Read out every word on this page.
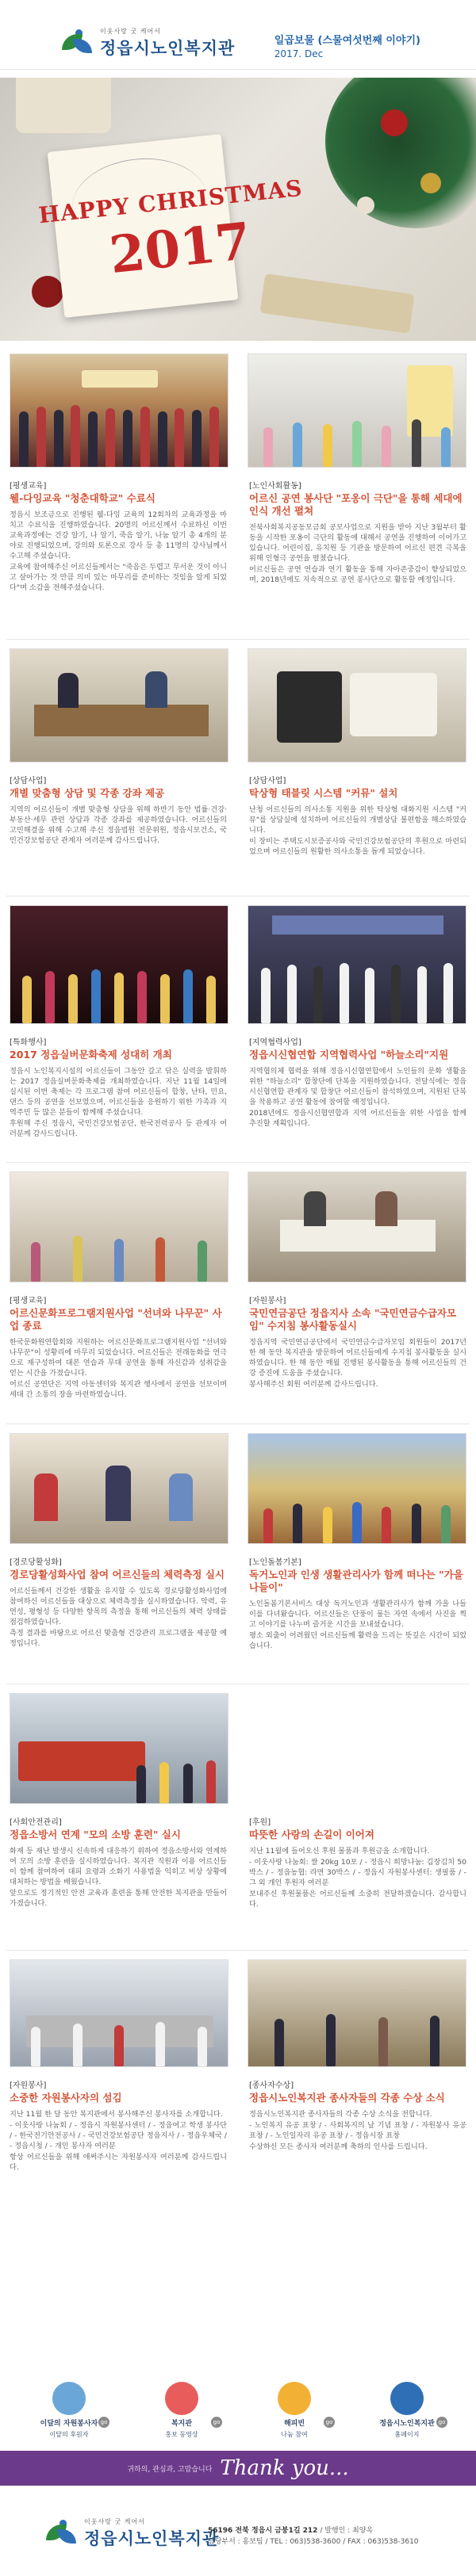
이웃사랑 굿 케어서
정읍시노인복지관	일곱보물 (스물여섯번째 이야기)
2017. Dec
HAPPY CHRISTMAS
2017
[평생교육]
웰-다잉교육 "청춘대학교" 수료식

정읍시 보조금으로 진행된 웰-다잉 교육의 12회차의 교육과정을 마치고 수료식을 진행하였습니다. 20명의 어르신께서 수료하신 이번 교육과정에는 건강 알기, 나 알기, 죽음 알기, 나눔 알기 총 4개의 분야로 진행되었으며, 강의와 토론으로 강사 등 총 11명의 강사님께서 수고해 주셨습니다.

교육에 참여해주신 어르신들께서는 "죽음은 두렵고 무서운 것이 아니고 살아가는 것 만큼 의미 있는 마무리를 준비하는 것임을 알게 되었다"며 소감을 전해주셨습니다.

[노인사회활동]
어르신 공연 봉사단 "포옹이 극단"을 통해 세대에 인식 개선 펼쳐

전북사회복지공동모금회 공모사업으로 지원을 받아 지난 3월부터 활동을 시작한 포옹이 극단의 활동에 대해서 공연을 진행하여 이어가고 있습니다. 어린이집, 유치원 등 기관을 방문하여 어르신 편견 극복을 위해 인형극 공연을 펼쳤습니다.

어르신들은 공연 연습과 연기 활동을 통해 자아존중감이 향상되었으며, 2018년에도 지속적으로 공연 봉사단으로 활동할 예정입니다.

[상담사업]
개별 맞춤형 상담 및 각종 강좌 제공

지역의 어르신들이 개별 맞춤형 상담을 위해 하반기 동안 법률·건강·부동산·세무 관련 상담과 각종 강좌를 제공하였습니다. 어르신들의 고민해결을 위해 수고해 주신 정읍법원 전문위원, 정읍시보건소, 국민건강보험공단 관계자 여러분께 감사드립니다.

[상담사업]
탁상형 태블릿 시스템 "커뮤" 설치

난청 어르신들의 의사소통 지원을 위한 탁상형 대화지원 시스템 "커뮤"를 상담실에 설치하여 어르신들의 개별상담 불편함을 해소하였습니다.

이 장비는 주택도시보증공사와 국민건강보험공단의 후원으로 마련되었으며 어르신들의 원활한 의사소통을 돕게 되었습니다.

[특화행사]
2017 정읍실버문화축제 성대히 개최

정읍시 노인복지시설의 어르신들이 그동안 갈고 닦은 실력을 발휘하는 2017 정읍실버문화축제를 개최하였습니다. 지난 11월 14일에 실시된 이번 축제는 각 프로그램 참여 어르신들이 합창, 난타, 민요, 댄스 등의 공연을 선보였으며, 어르신들을 응원하기 위한 가족과 지역주민 등 많은 분들이 함께해 주셨습니다.

후원해 주신 정읍시, 국민건강보험공단, 한국전력공사 등 관계자 여러분께 감사드립니다.

[지역협력사업]
정읍시신협연합 지역협력사업 "하늘소리"지원

지역협의체 협력을 위해 정읍시신협연합에서 노인들의 문화 생활을 위한 "하늘소리" 합창단에 단복을 지원하였습니다. 전달식에는 정읍시신협연합 관계자 및 합창단 어르신들이 참석하였으며, 지원된 단복을 착용하고 공연 활동에 참여할 예정입니다.

2018년에도 정읍시신협연합과 지역 어르신들을 위한 사업을 함께 추진할 계획입니다.

[평생교육]
어르신문화프로그램지원사업 "선녀와 나무꾼" 사업 종료

한국문화원연합회와 지원하는 어르신문화프로그램지원사업 "선녀와 나무꾼"이 성황리에 마무리 되었습니다. 어르신들은 전래동화를 연극으로 재구성하여 대본 연습과 무대 공연을 통해 자신감과 성취감을 얻는 시간을 가졌습니다.

어르신 공연단은 지역 아동센터와 복지관 행사에서 공연을 선보이며 세대 간 소통의 장을 마련하였습니다.

[자원봉사]
국민연금공단 정읍지사 소속 "국민연금수급자모임" 수지침 봉사활동실시

정읍지역 국민연금공단에서 국민연금수급자모임 회원들이 2017년 한 해 동안 복지관을 방문하여 어르신들에게 수지침 봉사활동을 실시하였습니다. 한 해 동안 매월 진행된 봉사활동을 통해 어르신들의 건강 증진에 도움을 주셨습니다.

봉사해주신 회원 여러분께 감사드립니다.

[경로당활성화]
경로당활성화사업 참여 어르신들의 체력측정 실시

어르신들께서 건강한 생활을 유지할 수 있도록 경로당활성화사업에 참여하신 어르신들을 대상으로 체력측정을 실시하였습니다. 악력, 유연성, 평형성 등 다양한 항목의 측정을 통해 어르신들의 체력 상태를 점검하였습니다.

측정 결과를 바탕으로 어르신 맞춤형 건강관리 프로그램을 제공할 예정입니다.

[노인돌봄기본]
독거노인과 인생 생활관리사가 함께 떠나는 "가을 나들이"

노인돌봄기본서비스 대상 독거노인과 생활관리사가 함께 가을 나들이를 다녀왔습니다. 어르신들은 단풍이 물든 자연 속에서 사진을 찍고 이야기를 나누며 즐거운 시간을 보내셨습니다.

평소 외출이 어려웠던 어르신들께 활력을 드리는 뜻깊은 시간이 되었습니다.

[사회안전관리]
정읍소방서 연계 "모의 소방 훈련" 실시

화재 등 재난 발생시 신속하게 대응하기 위하여 정읍소방서와 연계하여 모의 소방 훈련을 실시하였습니다. 복지관 직원과 이용 어르신들이 함께 참여하여 대피 요령과 소화기 사용법을 익히고 비상 상황에 대처하는 방법을 배웠습니다.

앞으로도 정기적인 안전 교육과 훈련을 통해 안전한 복지관을 만들어 가겠습니다.

[후원]
따뜻한 사랑의 손길이 이어져

지난 11월에 들어오신 후원 물품과 후원금을 소개합니다.

- 이웃사랑 나눔회: 쌀 20kg 10포 / - 정읍시 희망나눔: 김장김치 50박스 / - 정읍농협: 라면 30박스 / - 정읍시 자원봉사센터: 생필품 / - 그 외 개인 후원자 여러분

보내주신 후원물품은 어르신들께 소중히 전달하겠습니다. 감사합니다.

[자원봉사]
소중한 자원봉사자의 섬김

지난 11월 한 달 동안 복지관에서 봉사해주신 봉사자를 소개합니다.

- 이웃사랑 나눔회 / - 정읍시 자원봉사센터 / - 정읍여고 학생 봉사단 / - 한국전기안전공사 / - 국민건강보험공단 정읍지사 / - 정읍우체국 / - 정읍시청 / - 개인 봉사자 여러분

항상 어르신들을 위해 애써주시는 자원봉사자 여러분께 감사드립니다.

[종사자수상]
정읍시노인복지관 종사자들의 각종 수상 소식

정읍시노인복지관 종사자들의 각종 수상 소식을 전합니다.

- 노인복지 유공 표창 / - 사회복지의 날 기념 표창 / - 자원봉사 유공 표창 / - 노인일자리 유공 표창 / - 정읍시장 표창

수상하신 모든 종사자 여러분께 축하의 인사를 드립니다.

이달의 자원봉사자
이달의 후원자
go	복지관
홍보 동영상
go	해피빈
나눔 참여
go	정읍시노인복지관
홈페이지
go
귀하의, 관심과, 고맙습니다 Thank you...
이웃사랑 굿 케어서
정읍시노인복지관
56196 전북 정읍시 금붕1길 212 / 발행인 : 최양옥
담당부서 : 홍보팀 / TEL : 063)538-3600 / FAX : 063)538-3610
